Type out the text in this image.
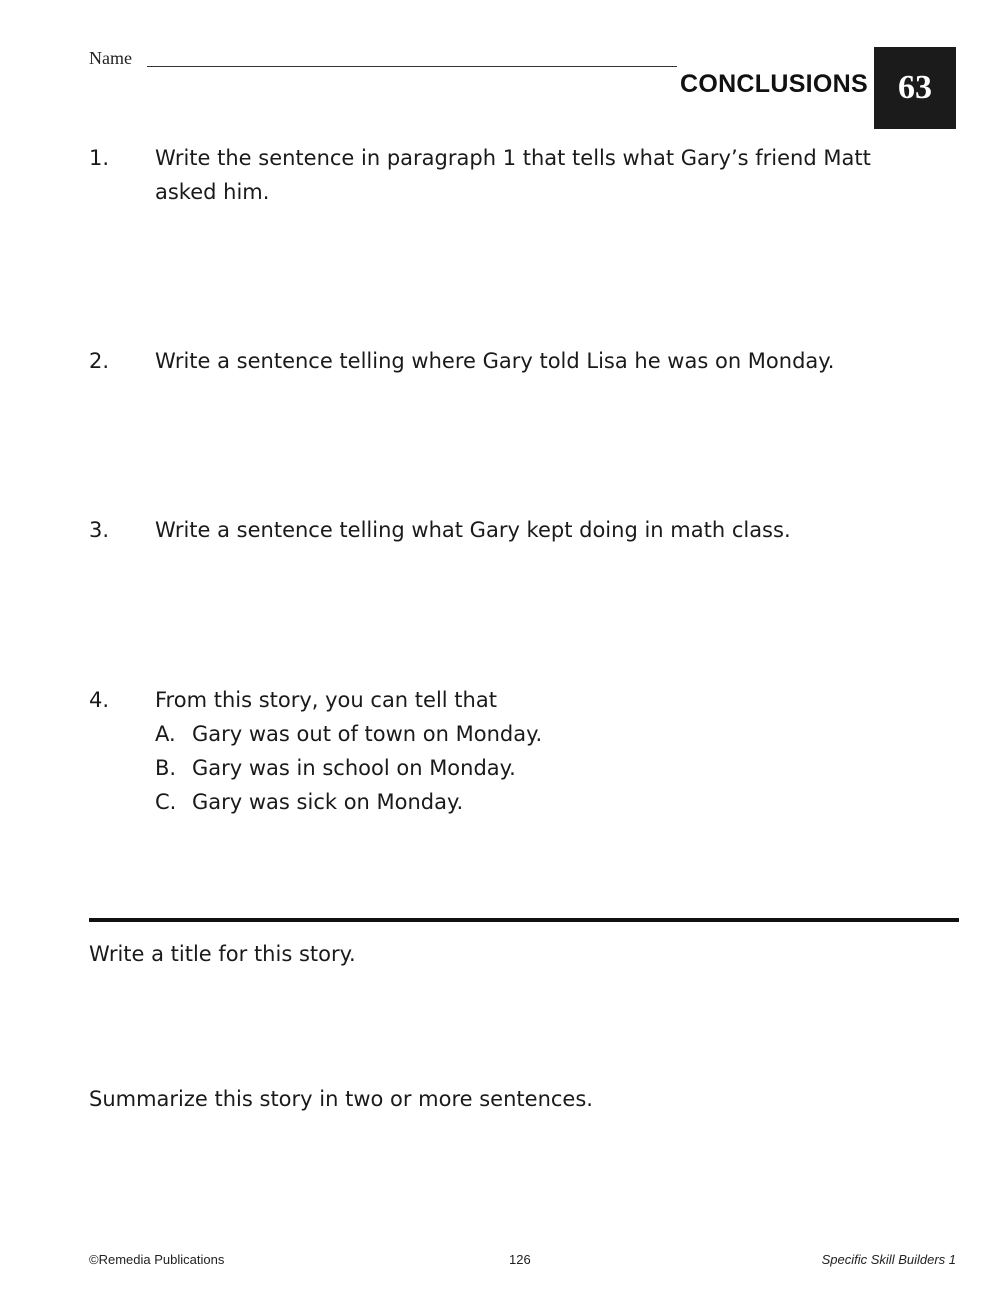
Name
CONCLUSIONS 63
1. Write the sentence in paragraph 1 that tells what Gary’s friend Matt asked him.
2. Write a sentence telling where Gary told Lisa he was on Monday.
3. Write a sentence telling what Gary kept doing in math class.
4. From this story, you can tell that
A. Gary was out of town on Monday.
B. Gary was in school on Monday.
C. Gary was sick on Monday.
Write a title for this story.
Summarize this story in two or more sentences.
©Remedia Publications	126	Specific Skill Builders 1
